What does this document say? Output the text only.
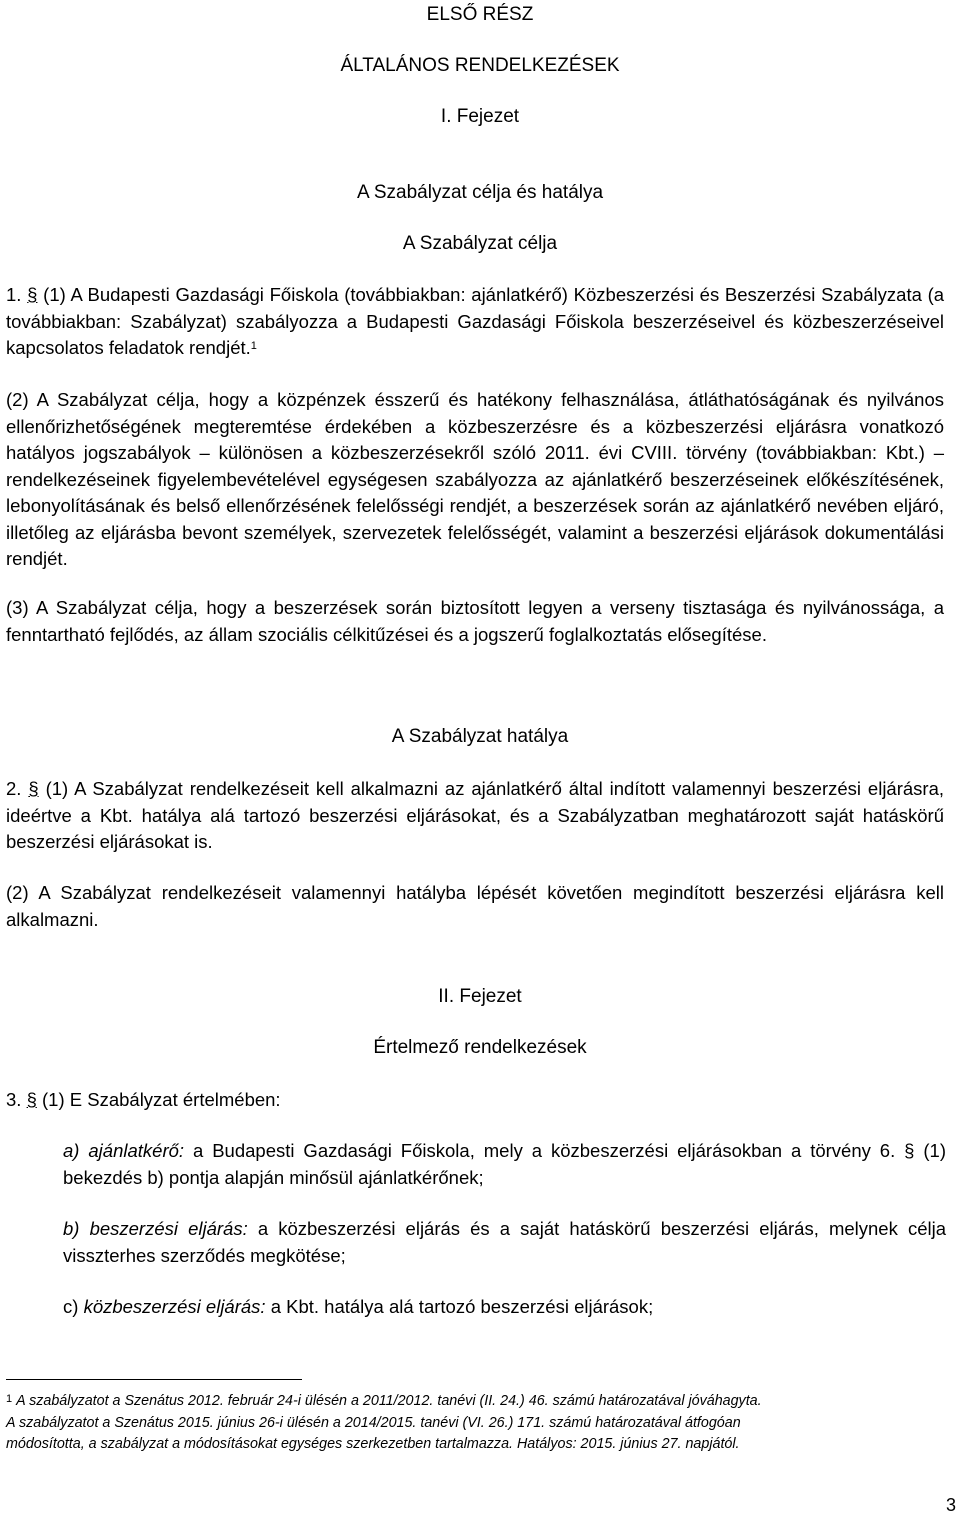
ELSŐ RÉSZ
ÁLTALÁNOS RENDELKEZÉSEK
I. Fejezet
A Szabályzat célja és hatálya
A Szabályzat célja
1. § (1) A Budapesti Gazdasági Főiskola (továbbiakban: ajánlatkérő) Közbeszerzési és Beszerzési Szabályzata (a továbbiakban: Szabályzat) szabályozza a Budapesti Gazdasági Főiskola beszerzéseivel és közbeszerzéseivel kapcsolatos feladatok rendjét.$^1$
(2) A Szabályzat célja, hogy a közpénzek ésszerű és hatékony felhasználása, átláthatóságának és nyilvános ellenőrizhetőségének megteremtése érdekében a közbeszerzésre és a közbeszerzési eljárásra vonatkozó hatályos jogszabályok – különösen a közbeszerzésekről szóló 2011. évi CVIII. törvény (továbbiakban: Kbt.) – rendelkezéseinek figyelembevételével egységesen szabályozza az ajánlatkérő beszerzéseinek előkészítésének, lebonyolításának és belső ellenőrzésének felelősségi rendjét, a beszerzések során az ajánlatkérő nevében eljáró, illetőleg az eljárásba bevont személyek, szervezetek felelősségét, valamint a beszerzési eljárások dokumentálási rendjét.
(3) A Szabályzat célja, hogy a beszerzések során biztosított legyen a verseny tisztasága és nyilvánossága, a fenntartható fejlődés, az állam szociális célkitűzései és a jogszerű foglalkoztatás elősegítése.
A Szabályzat hatálya
2. § (1) A Szabályzat rendelkezéseit kell alkalmazni az ajánlatkérő által indított valamennyi beszerzési eljárásra, ideértve a Kbt. hatálya alá tartozó beszerzési eljárásokat, és a Szabályzatban meghatározott saját hatáskörű beszerzési eljárásokat is.
(2) A Szabályzat rendelkezéseit valamennyi hatályba lépését követően megindított beszerzési eljárásra kell alkalmazni.
II. Fejezet
Értelmező rendelkezések
3. § (1) E Szabályzat értelmében:
a) ajánlatkérő: a Budapesti Gazdasági Főiskola, mely a közbeszerzési eljárásokban a törvény 6. § (1) bekezdés b) pontja alapján minősül ajánlatkérőnek;
b) beszerzési eljárás: a közbeszerzési eljárás és a saját hatáskörű beszerzési eljárás, melynek célja visszterhes szerződés megkötése;
c) közbeszerzési eljárás: a Kbt. hatálya alá tartozó beszerzési eljárások;
$^1$ A szabályzatot a Szenátus 2012. február 24-i ülésén a 2011/2012. tanévi (II. 24.) 46. számú határozatával jóváhagyta.
A szabályzatot a Szenátus 2015. június 26-i ülésén a 2014/2015. tanévi (VI. 26.) 171. számú határozatával átfogóan
módosította, a szabályzat a módosításokat egységes szerkezetben tartalmazza. Hatályos: 2015. június 27. napjától.
3
